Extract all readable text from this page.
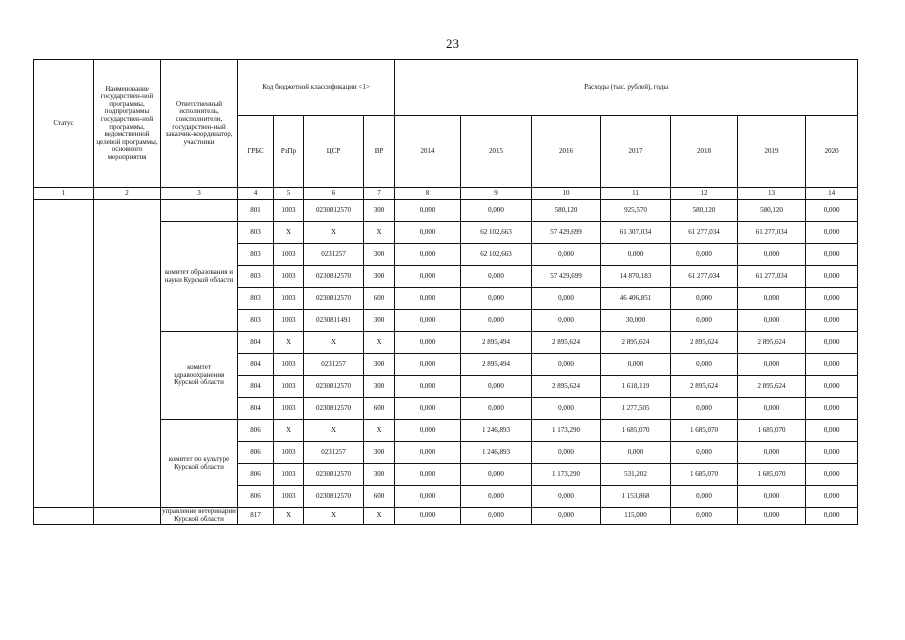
23
Статус	Наименование государствен-ной программы, подпрограммы государствен-ной программы, ведомственной целевой программы, основного мероприятия	Ответственный исполнитель, соисполнители, государствен-ный заказчик-координатор, участники	Код бюджетной классификации <1>				Расходы (тыс. рублей), годы						
			ГРБС	РзПр	ЦСР	ВР	2014	2015	2016	2017	2018	2019	2020
1	2	3	4	5	6	7	8	9	10	11	12	13	14
			801	1003	0230812570	300	0,000	0,000	580,120	925,570	580,120	580,120	0,000
		комитет образования и науки Курской области	803	Х	Х	Х	0,000	62 102,663	57 429,699	61 307,034	61 277,034	61 277,034	0,000
			803	1003	0231257	300	0,000	62 102,663	0,000	0,000	0,000	0,000	0,000
			803	1003	0230812570	300	0,000	0,000	57 429,699	14 870,183	61 277,034	61 277,034	0,000
			803	1003	0230812570	600	0,000	0,000	0,000	46 406,851	0,000	0,000	0,000
			803	1003	0230811491	300	0,000	0,000	0,000	30,000	0,000	0,000	0,000
		комитет здравоохранения Курской области	804	Х	Х	Х	0,000	2 895,494	2 895,624	2 895,624	2 895,624	2 895,624	0,000
			804	1003	0231257	300	0,000	2 895,494	0,000	0,000	0,000	0,000	0,000
			804	1003	0230812570	300	0,000	0,000	2 895,624	1 618,119	2 895,624	2 895,624	0,000
			804	1003	0230812570	600	0,000	0,000	0,000	1 277,505	0,000	0,000	0,000
		комитет по культуре Курской области	806	Х	Х	Х	0,000	1 246,893	1 173,290	1 685,070	1 685,070	1 685,070	0,000
			806	1003	0231257	300	0,000	1 246,893	0,000	0,000	0,000	0,000	0,000
			806	1003	0230812570	300	0,000	0,000	1 173,290	531,202	1 685,070	1 685,070	0,000
			806	1003	0230812570	600	0,000	0,000	0,000	1 153,868	0,000	0,000	0,000
		управление ветеринарии Курской области	817	Х	Х	Х	0,000	0,000	0,000	115,000	0,000	0,000	0,000
